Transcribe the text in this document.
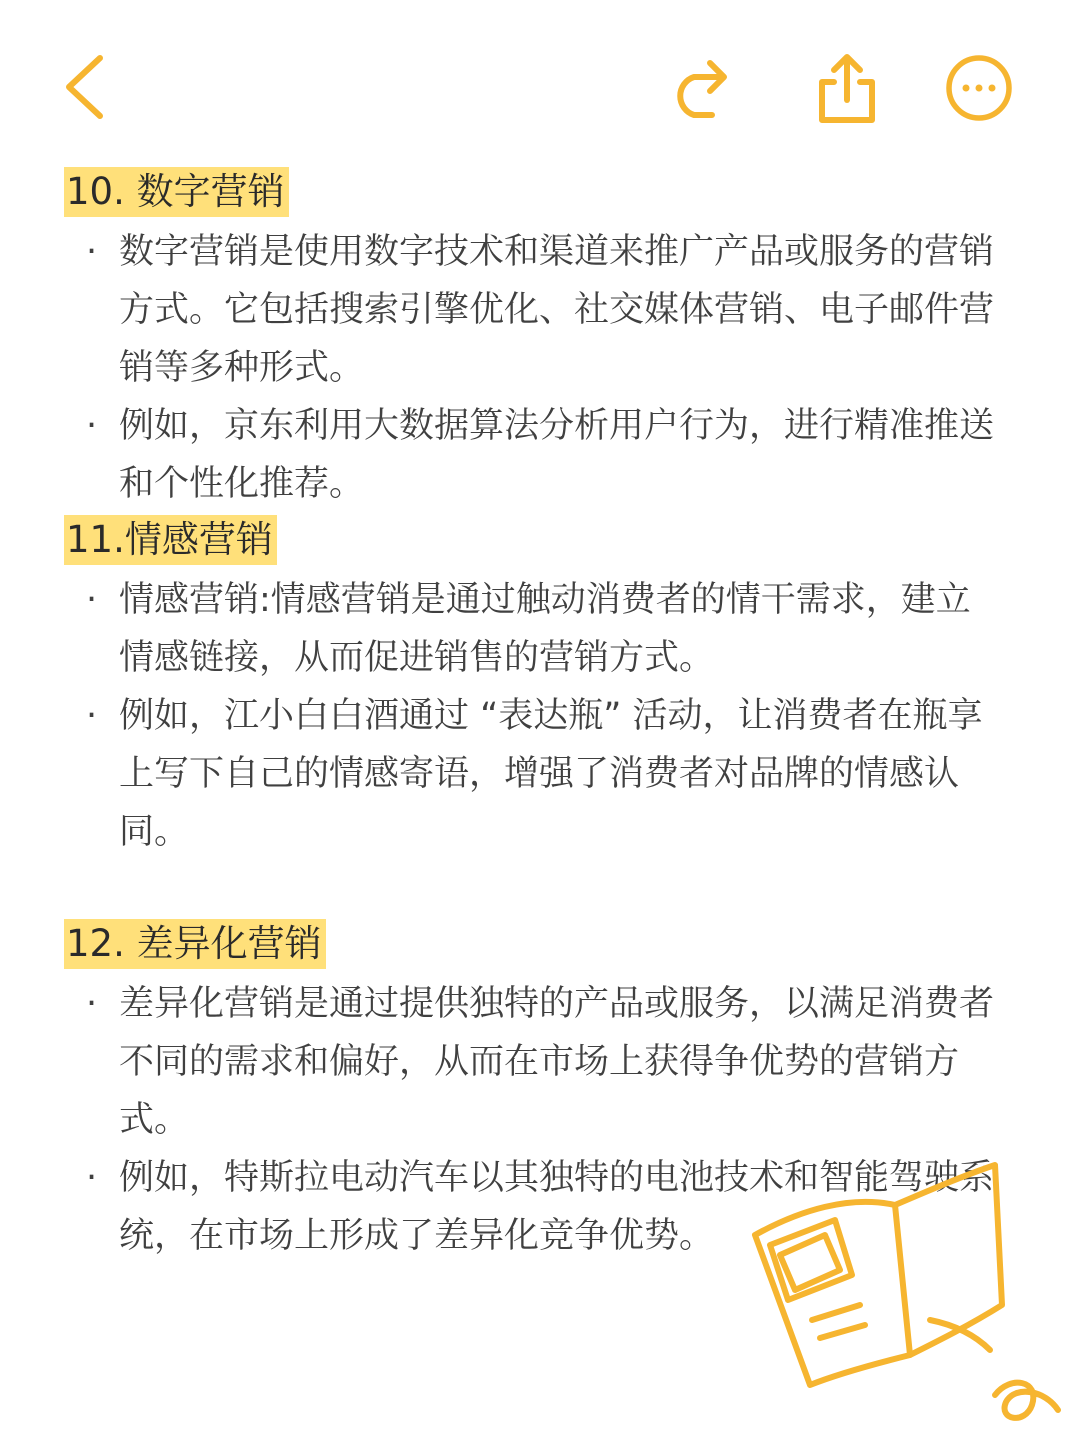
10. 数字营销
· 数字营销是使用数字技术和渠道来推广产品或服务的营销方式。它包括搜索引擎优化、社交媒体营销、电子邮件营销等多种形式。
· 例如，京东利用大数据算法分析用户行为，进行精准推送和个性化推荐。
11.情感营销
· 情感营销:情感营销是通过触动消费者的情干需求，建立情感链接，从而促进销售的营销方式。
· 例如，江小白白酒通过 “表达瓶” 活动，让消费者在瓶享上写下自己的情感寄语，增强了消费者对品牌的情感认同。
12. 差异化营销
· 差异化营销是通过提供独特的产品或服务，以满足消费者不同的需求和偏好，从而在市场上获得争优势的营销方式。
· 例如，特斯拉电动汽车以其独特的电池技术和智能驾驶系统，在市场上形成了差异化竞争优势。
